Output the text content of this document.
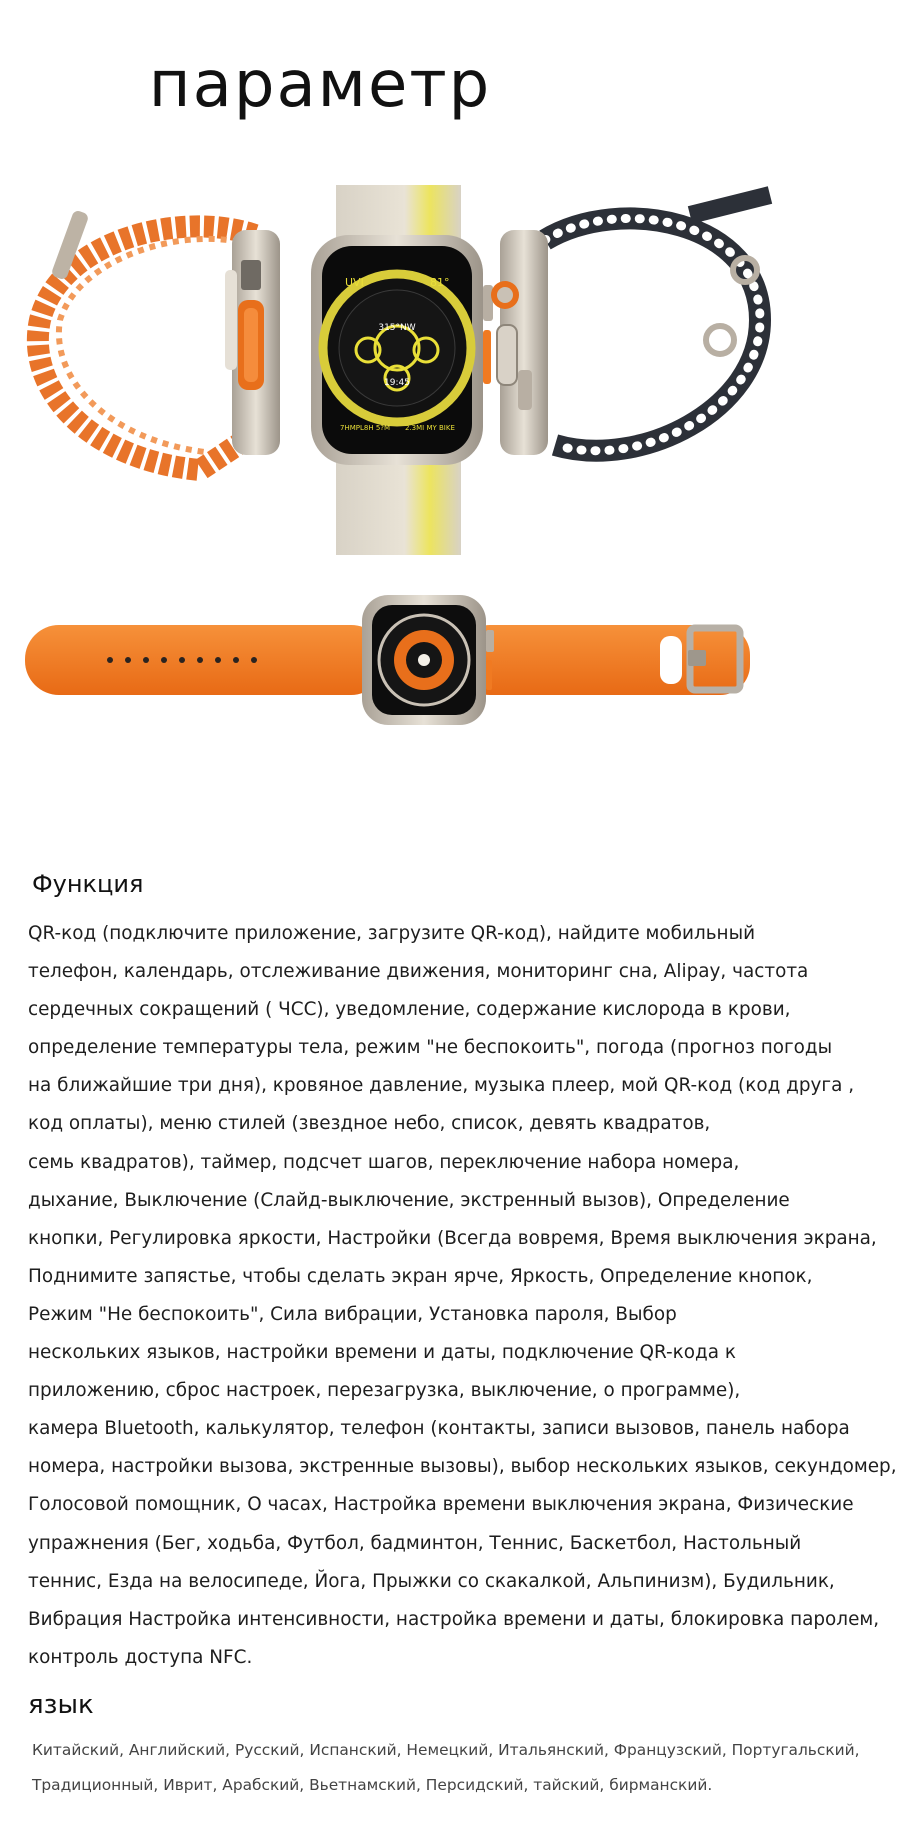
параметр
UVI	81°
315°NW
19:45
7HMPL8H 5?M 2.3MI MY BIKE
Функция
QR-код (подключите приложение, загрузите QR-код), найдите мобильный
телефон, календарь, отслеживание движения, мониторинг сна, Alipay, частота
сердечных сокращений ( ЧСС), уведомление, содержание кислорода в крови,
определение температуры тела, режим "не беспокоить", погода (прогноз погоды
на ближайшие три дня), кровяное давление, музыка плеер, мой QR-код (код друга ,
код оплаты), меню стилей (звездное небо, список, девять квадратов,
семь квадратов), таймер, подсчет шагов, переключение набора номера,
дыхание, Выключение (Слайд-выключение, экстренный вызов), Определение
кнопки, Регулировка яркости, Настройки (Всегда вовремя, Время выключения экрана,
Поднимите запястье, чтобы сделать экран ярче, Яркость, Определение кнопок,
Режим "Не беспокоить", Сила вибрации, Установка пароля, Выбор
нескольких языков, настройки времени и даты, подключение QR-кода к
приложению, сброс настроек, перезагрузка, выключение, о программе),
камера Bluetooth, калькулятор, телефон (контакты, записи вызовов, панель набора
номера, настройки вызова, экстренные вызовы), выбор нескольких языков, секундомер,
Голосовой помощник, О часах, Настройка времени выключения экрана, Физические
упражнения (Бег, ходьба, Футбол, бадминтон, Теннис, Баскетбол, Настольный
теннис, Езда на велосипеде, Йога, Прыжки со скакалкой, Альпинизм), Будильник,
Вибрация Настройка интенсивности, настройка времени и даты, блокировка паролем,
контроль доступа NFC.
язык
Китайский, Английский, Русский, Испанский, Немецкий, Итальянский, Французский, Португальский,
Традиционный, Иврит, Арабский, Вьетнамский, Персидский, тайский, бирманский.
